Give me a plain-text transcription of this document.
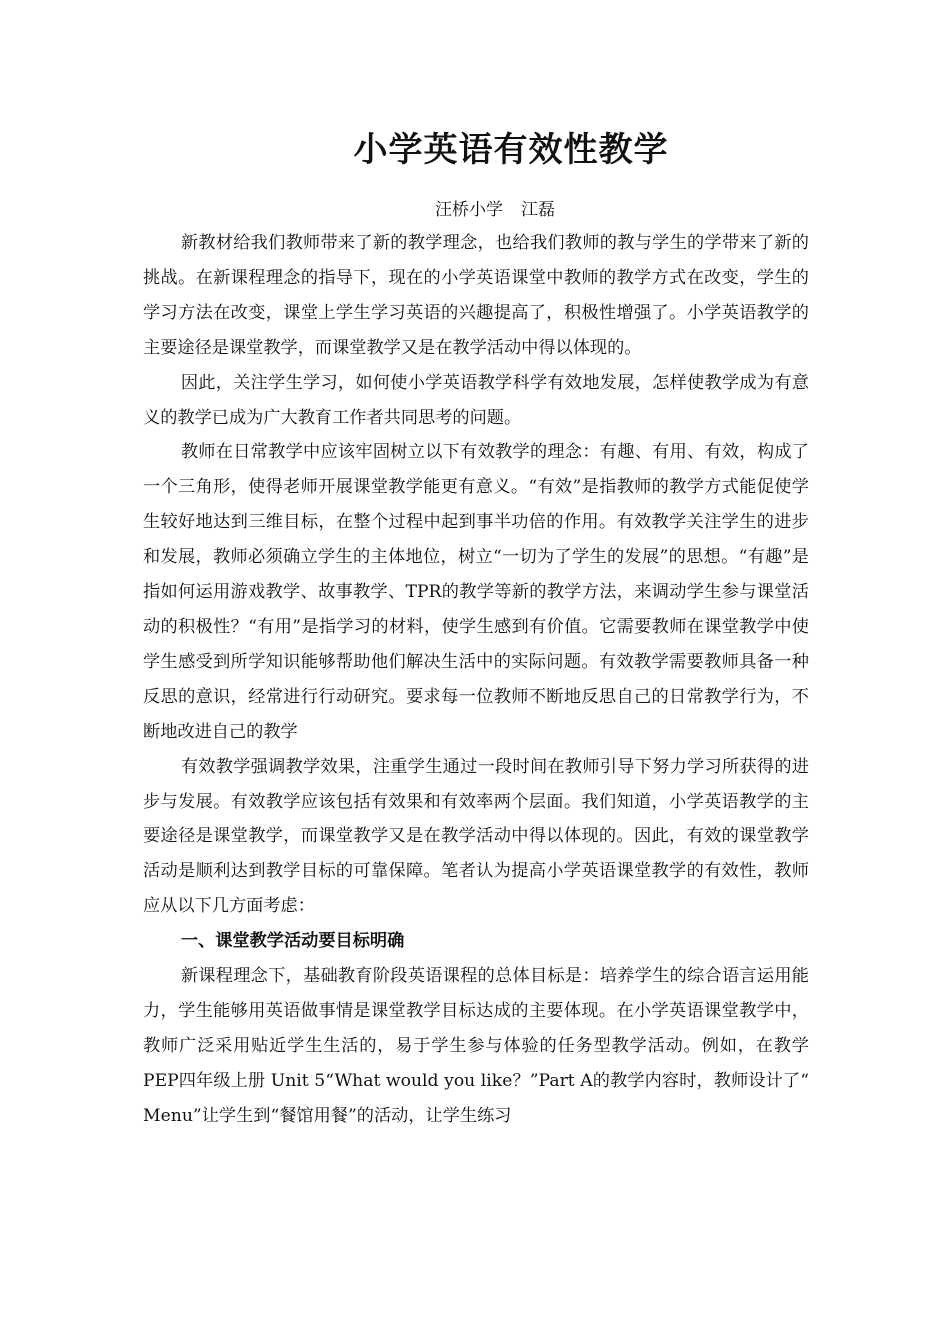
小学英语有效性教学
汪桥小学 江磊

新教材给我们教师带来了新的教学理念，也给我们教师的教与学生的学带来了新的挑战。在新课程理念的指导下，现在的小学英语课堂中教师的教学方式在改变，学生的学习方法在改变，课堂上学生学习英语的兴趣提高了，积极性增强了。小学英语教学的主要途径是课堂教学，而课堂教学又是在教学活动中得以体现的。

因此，关注学生学习，如何使小学英语教学科学有效地发展，怎样使教学成为有意义的教学已成为广大教育工作者共同思考的问题。

教师在日常教学中应该牢固树立以下有效教学的理念：有趣、有用、有效，构成了一个三角形，使得老师开展课堂教学能更有意义。“有效”是指教师的教学方式能促使学生较好地达到三维目标，在整个过程中起到事半功倍的作用。有效教学关注学生的进步和发展，教师必须确立学生的主体地位，树立“一切为了学生的发展”的思想。“有趣”是指如何运用游戏教学、故事教学、TPR的教学等新的教学方法，来调动学生参与课堂活动的积极性？“有用”是指学习的材料，使学生感到有价值。它需要教师在课堂教学中使学生感受到所学知识能够帮助他们解决生活中的实际问题。有效教学需要教师具备一种反思的意识，经常进行行动研究。要求每一位教师不断地反思自己的日常教学行为，不断地改进自己的教学

有效教学强调教学效果，注重学生通过一段时间在教师引导下努力学习所获得的进步与发展。有效教学应该包括有效果和有效率两个层面。我们知道，小学英语教学的主要途径是课堂教学，而课堂教学又是在教学活动中得以体现的。因此，有效的课堂教学活动是顺利达到教学目标的可靠保障。笔者认为提高小学英语课堂教学的有效性，教师应从以下几方面考虑：

一、课堂教学活动要目标明确

新课程理念下，基础教育阶段英语课程的总体目标是：培养学生的综合语言运用能力，学生能够用英语做事情是课堂教学目标达成的主要体现。在小学英语课堂教学中，教师广泛采用贴近学生生活的，易于学生参与体验的任务型教学活动。例如，在教学 PEP四年级上册 Unit 5“What would you like？”Part A的教学内容时，教师设计了“ Menu”让学生到“餐馆用餐”的活动，让学生练习
